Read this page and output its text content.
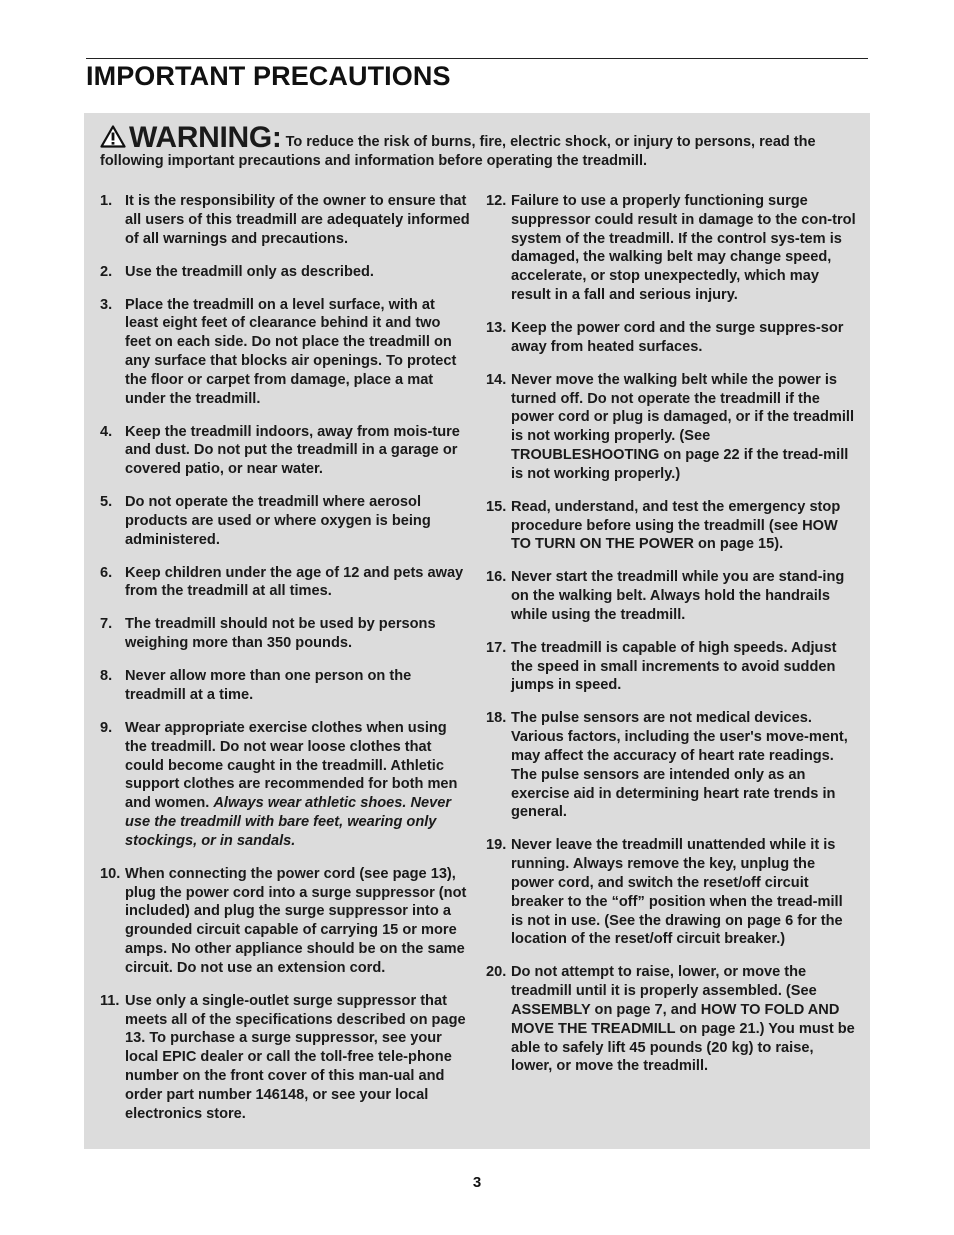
IMPORTANT PRECAUTIONS
WARNING: To reduce the risk of burns, fire, electric shock, or injury to persons, read the following important precautions and information before operating the treadmill.
1. It is the responsibility of the owner to ensure that all users of this treadmill are adequately informed of all warnings and precautions.
2. Use the treadmill only as described.
3. Place the treadmill on a level surface, with at least eight feet of clearance behind it and two feet on each side. Do not place the treadmill on any surface that blocks air openings. To protect the floor or carpet from damage, place a mat under the treadmill.
4. Keep the treadmill indoors, away from mois-ture and dust. Do not put the treadmill in a garage or covered patio, or near water.
5. Do not operate the treadmill where aerosol products are used or where oxygen is being administered.
6. Keep children under the age of 12 and pets away from the treadmill at all times.
7. The treadmill should not be used by persons weighing more than 350 pounds.
8. Never allow more than one person on the treadmill at a time.
9. Wear appropriate exercise clothes when using the treadmill. Do not wear loose clothes that could become caught in the treadmill. Athletic support clothes are recommended for both men and women. Always wear athletic shoes. Never use the treadmill with bare feet, wearing only stockings, or in sandals.
10. When connecting the power cord (see page 13), plug the power cord into a surge suppressor (not included) and plug the surge suppressor into a grounded circuit capable of carrying 15 or more amps. No other appliance should be on the same circuit. Do not use an extension cord.
11. Use only a single-outlet surge suppressor that meets all of the specifications described on page 13. To purchase a surge suppressor, see your local EPIC dealer or call the toll-free tele-phone number on the front cover of this man-ual and order part number 146148, or see your local electronics store.
12. Failure to use a properly functioning surge suppressor could result in damage to the con-trol system of the treadmill. If the control sys-tem is damaged, the walking belt may change speed, accelerate, or stop unexpectedly, which may result in a fall and serious injury.
13. Keep the power cord and the surge suppres-sor away from heated surfaces.
14. Never move the walking belt while the power is turned off. Do not operate the treadmill if the power cord or plug is damaged, or if the treadmill is not working properly. (See TROUBLESHOOTING on page 22 if the tread-mill is not working properly.)
15. Read, understand, and test the emergency stop procedure before using the treadmill (see HOW TO TURN ON THE POWER on page 15).
16. Never start the treadmill while you are stand-ing on the walking belt. Always hold the handrails while using the treadmill.
17. The treadmill is capable of high speeds. Adjust the speed in small increments to avoid sudden jumps in speed.
18. The pulse sensors are not medical devices. Various factors, including the user's move-ment, may affect the accuracy of heart rate readings. The pulse sensors are intended only as an exercise aid in determining heart rate trends in general.
19. Never leave the treadmill unattended while it is running. Always remove the key, unplug the power cord, and switch the reset/off circuit breaker to the “off” position when the tread-mill is not in use. (See the drawing on page 6 for the location of the reset/off circuit breaker.)
20. Do not attempt to raise, lower, or move the treadmill until it is properly assembled. (See ASSEMBLY on page 7, and HOW TO FOLD AND MOVE THE TREADMILL on page 21.) You must be able to safely lift 45 pounds (20 kg) to raise, lower, or move the treadmill.
3
